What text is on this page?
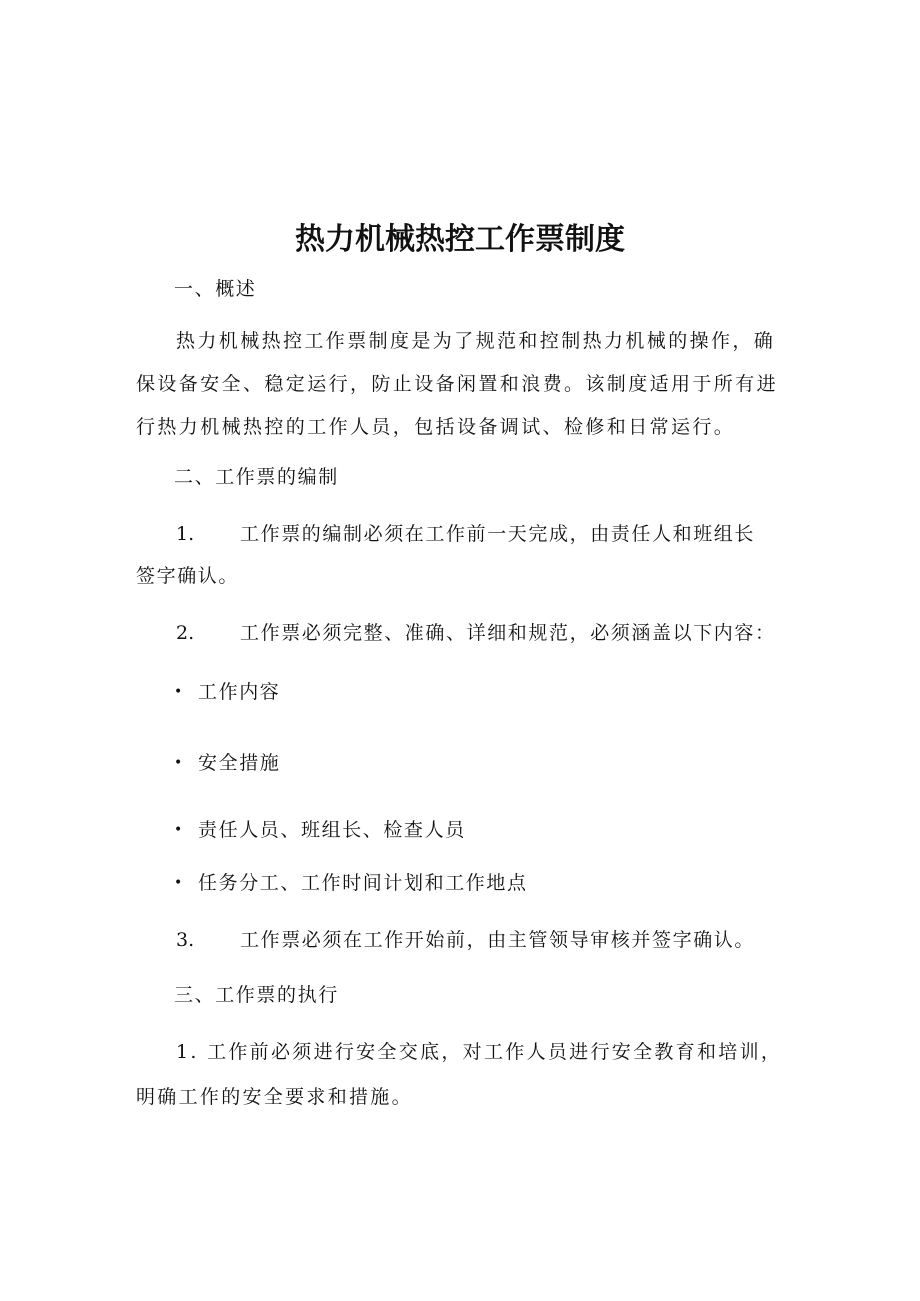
热力机械热控工作票制度
一、概述
热力机械热控工作票制度是为了规范和控制热力机械的操作，确保设备安全、稳定运行，防止设备闲置和浪费。该制度适用于所有进行热力机械热控的工作人员，包括设备调试、检修和日常运行。
二、工作票的编制
1. 工作票的编制必须在工作前一天完成，由责任人和班组长
签字确认。
2. 工作票必须完整、准确、详细和规范，必须涵盖以下内容：
• 工作内容
• 安全措施
• 责任人员、班组长、检查人员
• 任务分工、工作时间计划和工作地点
3. 工作票必须在工作开始前，由主管领导审核并签字确认。
三、工作票的执行
1. 工作前必须进行安全交底，对工作人员进行安全教育和培训，明确工作的安全要求和措施。
